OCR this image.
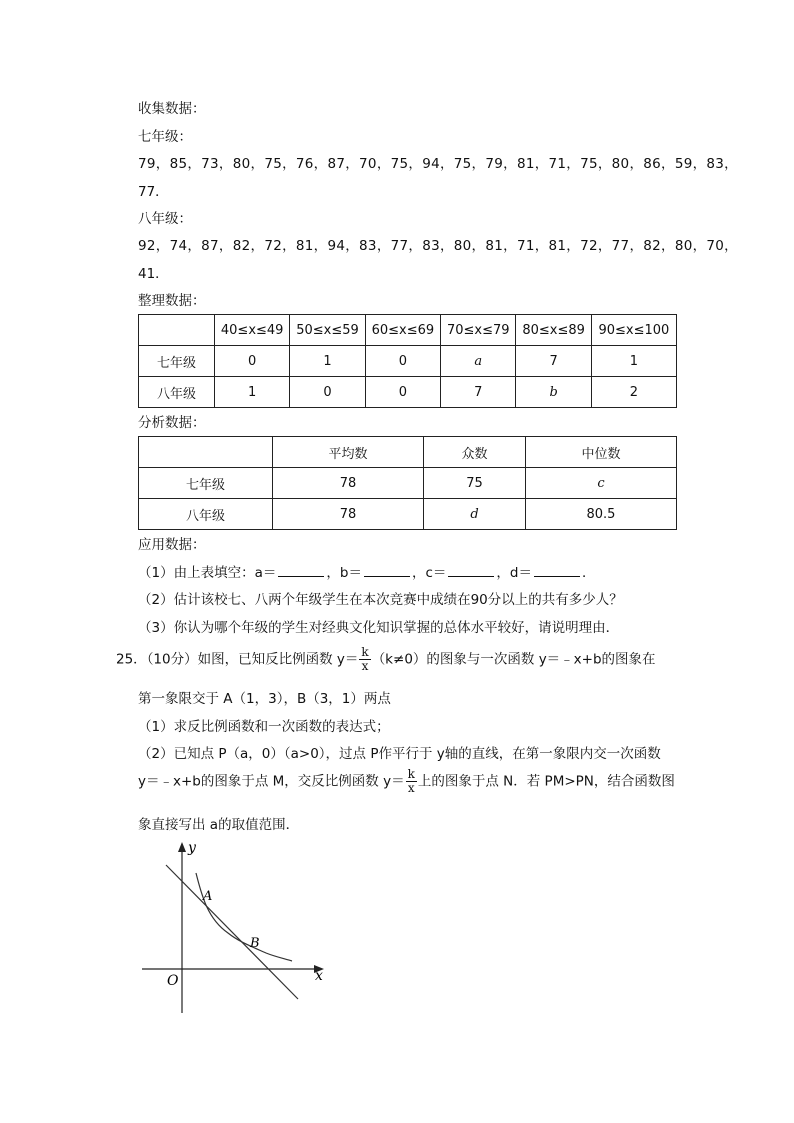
收集数据：
七年级：
79，85，73，80，75，76，87，70，75，94，75，79，81，71，75，80，86，59，83，
77．
八年级：
92，74，87，82，72，81，94，83，77，83，80，81，71，81，72，77，82，80，70，
41．
整理数据：
	40≤x≤49	50≤x≤59	60≤x≤69	70≤x≤79	80≤x≤89	90≤x≤100
七年级	0	1	0	a	7	1
八年级	1	0	0	7	b	2
分析数据：
	平均数	众数	中位数
七年级	78	75	c
八年级	78	d	80.5
应用数据：
（1）由上表填空：a＝	，b＝	，c＝	，d＝	．
（2）估计该校七、八两个年级学生在本次竞赛中成绩在90分以上的共有多少人？
（3）你认为哪个年级的学生对经典文化知识掌握的总体水平较好，请说明理由．
25．（10分）如图，已知反比例函数 $y= \frac{k}{x} (k\ne 0)$的图象与一次函数 y＝﹣x+b的图象在
第一象限交于 A（1，3），B（3，1）两点
（1）求反比例函数和一次函数的表达式；
（2）已知点 P（a，0）（a>0），过点 P作平行于 y轴的直线，在第一象限内交一次函数
y＝﹣x+b的图象于点 M，交反比例函数 $y= \frac{k}{x}$ 上的图象于点 N．若 PM>PN，结合函数图
象直接写出 a的取值范围．
x
y
O
A
B
